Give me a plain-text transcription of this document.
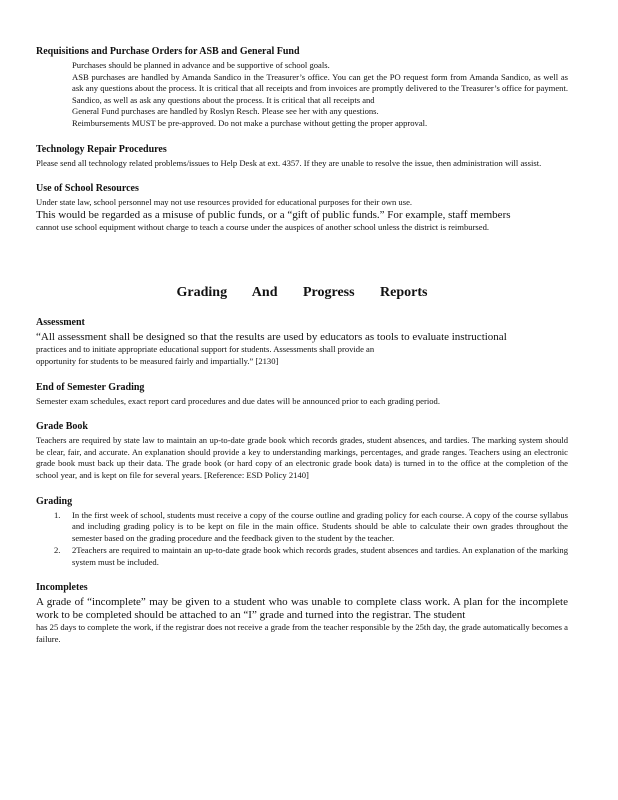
Requisitions and Purchase Orders for ASB and General Fund

Purchases should be planned in advance and be supportive of school goals.
ASB purchases are handled by Amanda Sandico in the Treasurer’s office. You can get the PO request form from Amanda Sandico, as well as ask any questions about the process. It is critical that all receipts and from invoices are promptly delivered to the Treasurer’s office for payment. Sandico, as well as ask any questions about the process. It is critical that all receipts and
General Fund purchases are handled by Roslyn Resch. Please see her with any questions.
Reimbursements MUST be pre-approved. Do not make a purchase without getting the proper approval.

Technology Repair Procedures

Please send all technology related problems/issues to Help Desk at ext. 4357. If they are unable to resolve the issue, then administration will assist.

Use of School Resources

Under state law, school personnel may not use resources provided for educational purposes for their own use.

This would be regarded as a misuse of public funds, or a “gift of public funds.” For example, staff members

cannot use school equipment without charge to teach a course under the auspices of another school unless the district is reimbursed.

Grading And Progress Reports

Assessment

“All assessment shall be designed so that the results are used by educators as tools to evaluate instructional

practices and to initiate appropriate educational support for students. Assessments shall provide an

opportunity for students to be measured fairly and impartially.” [2130]

End of Semester Grading

Semester exam schedules, exact report card procedures and due dates will be announced prior to each grading period.

Grade Book

Teachers are required by state law to maintain an up-to-date grade book which records grades, student absences, and tardies. The marking system should be clear, fair, and accurate. An explanation should provide a key to understanding markings, percentages, and grade ranges. Teachers using an electronic grade book must back up their data. The grade book (or hard copy of an electronic grade book data) is turned in to the office at the completion of the school year, and is kept on file for several years. [Reference: ESD Policy 2140]

Grading

1. In the first week of school, students must receive a copy of the course outline and grading policy for each course. A copy of the course syllabus and including grading policy is to be kept on file in the main office. Students should be able to calculate their own grades throughout the semester based on the grading procedure and the feedback given to the student by the teacher.
2. 2Teachers are required to maintain an up-to-date grade book which records grades, student absences and tardies. An explanation of the marking system must be included.

Incompletes

A grade of “incomplete” may be given to a student who was unable to complete class work. A plan for the incomplete work to be completed should be attached to an “I” grade and turned into the registrar. The student

has 25 days to complete the work, if the registrar does not receive a grade from the teacher responsible by the 25th day, the grade automatically becomes a failure.
